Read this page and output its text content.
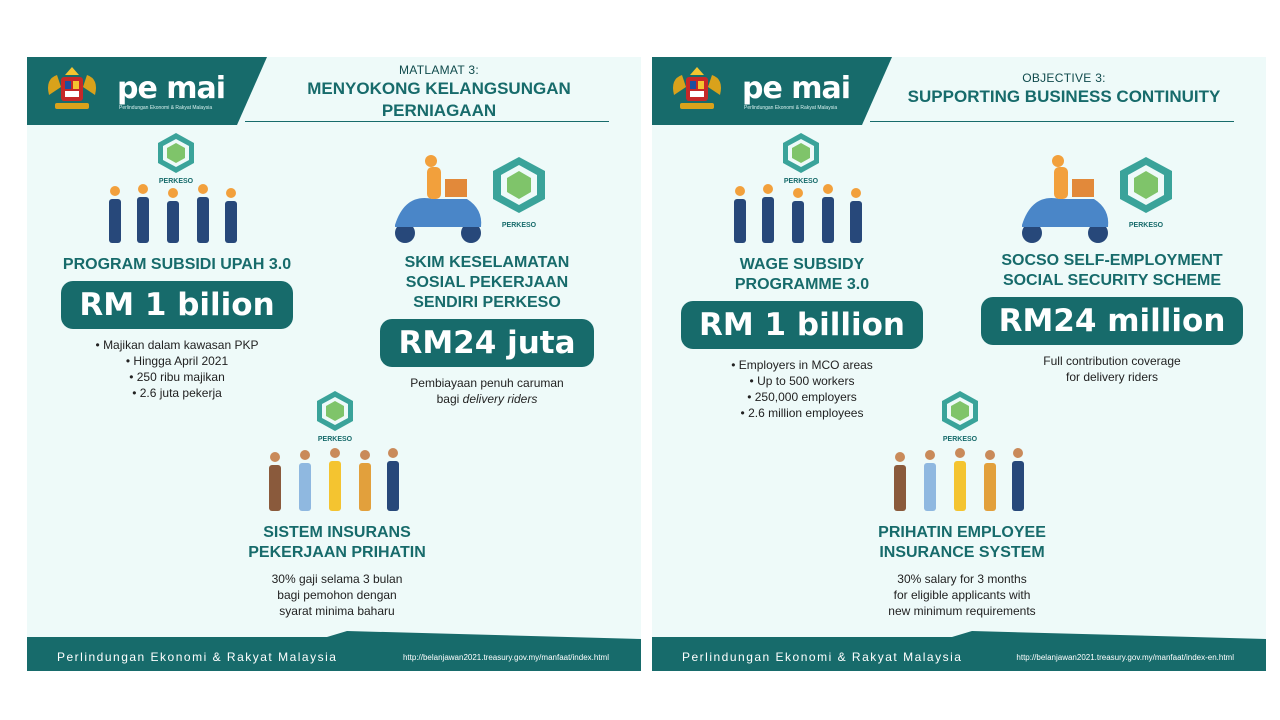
pe mai
Perlindungan Ekonomi & Rakyat Malaysia
MATLAMAT 3:
MENYOKONG KELANGSUNGAN
PERNIAGAAN
PERKESO
PROGRAM SUBSIDI UPAH 3.0
RM 1 bilion
• Majikan dalam kawasan PKP
• Hingga April 2021
• 250 ribu majikan
• 2.6 juta pekerja
PERKESO
SKIM KESELAMATAN
SOSIAL PEKERJAAN
SENDIRI PERKESO
RM24 juta
Pembiayaan penuh caruman
bagi delivery riders
PERKESO
SISTEM INSURANS
PEKERJAAN PRIHATIN
30% gaji selama 3 bulan
bagi pemohon dengan
syarat minima baharu
Perlindungan Ekonomi & Rakyat Malaysia	http://belanjawan2021.treasury.gov.my/manfaat/index.html
pe mai
Perlindungan Ekonomi & Rakyat Malaysia
OBJECTIVE 3:
SUPPORTING BUSINESS CONTINUITY
PERKESO
WAGE SUBSIDY
PROGRAMME 3.0
RM 1 billion
• Employers in MCO areas
• Up to 500 workers
• 250,000 employers
• 2.6 million employees
PERKESO
SOCSO SELF-EMPLOYMENT
SOCIAL SECURITY SCHEME
RM24 million
Full contribution coverage
for delivery riders
PERKESO
PRIHATIN EMPLOYEE
INSURANCE SYSTEM
30% salary for 3 months
for eligible applicants with
new minimum requirements
Perlindungan Ekonomi & Rakyat Malaysia	http://belanjawan2021.treasury.gov.my/manfaat/index-en.html
